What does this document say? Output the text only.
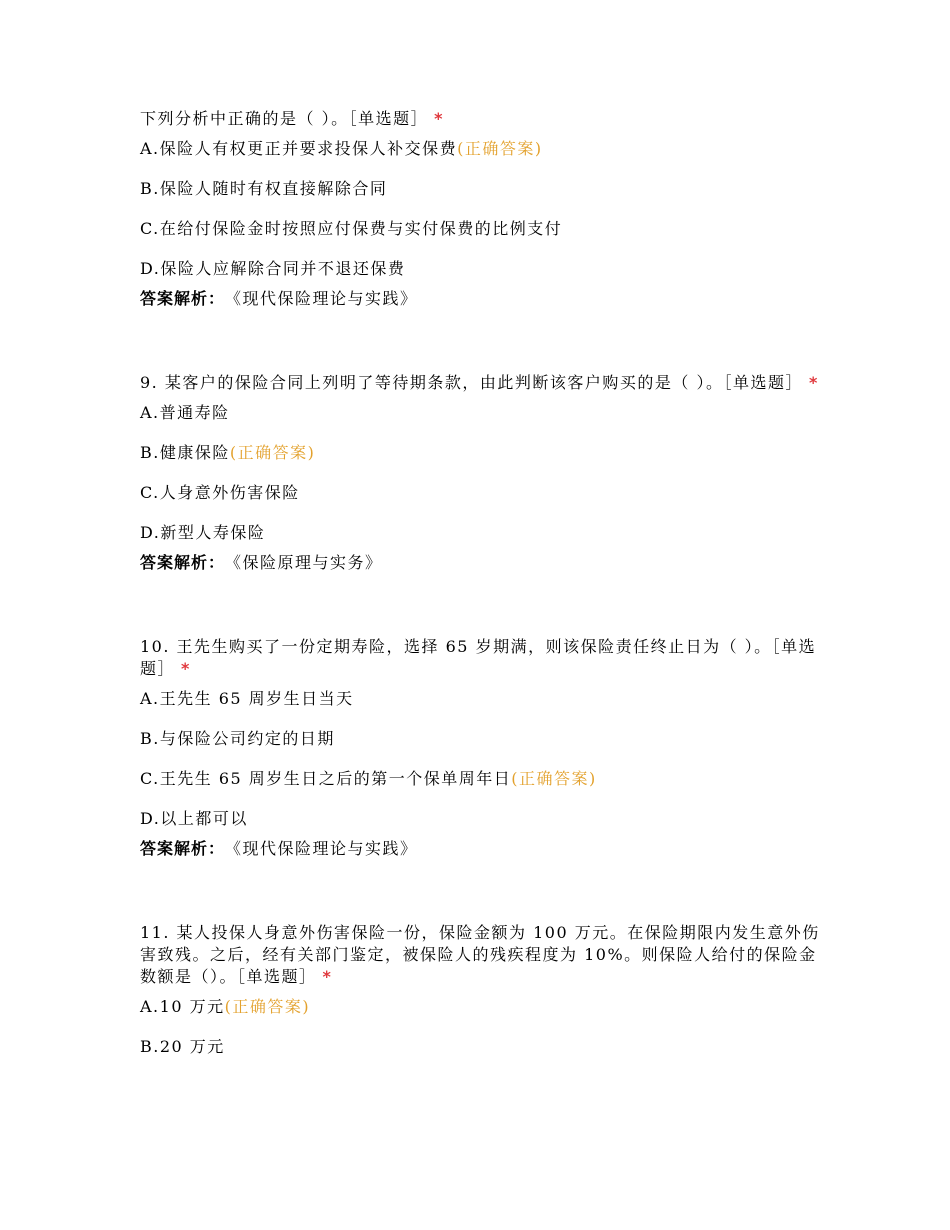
下列分析中正确的是（ ）。［单选题］ *

A.保险人有权更正并要求投保人补交保费(正确答案)

B.保险人随时有权直接解除合同

C.在给付保险金时按照应付保费与实付保费的比例支付

D.保险人应解除合同并不退还保费

答案解析： 《现代保险理论与实践》

9. 某客户的保险合同上列明了等待期条款，由此判断该客户购买的是（ ）。［单选题］ *

A.普通寿险

B.健康保险(正确答案)

C.人身意外伤害保险

D.新型人寿保险

答案解析： 《保险原理与实务》

10. 王先生购买了一份定期寿险，选择 65 岁期满，则该保险责任终止日为（ ）。［单选题］ *

A.王先生 65 周岁生日当天

B.与保险公司约定的日期

C.王先生 65 周岁生日之后的第一个保单周年日(正确答案)

D.以上都可以

答案解析： 《现代保险理论与实践》

11. 某人投保人身意外伤害保险一份，保险金额为 100 万元。在保险期限内发生意外伤害致残。之后，经有关部门鉴定，被保险人的残疾程度为 10%。则保险人给付的保险金数额是（）。［单选题］ *

A.10 万元(正确答案)

B.20 万元
